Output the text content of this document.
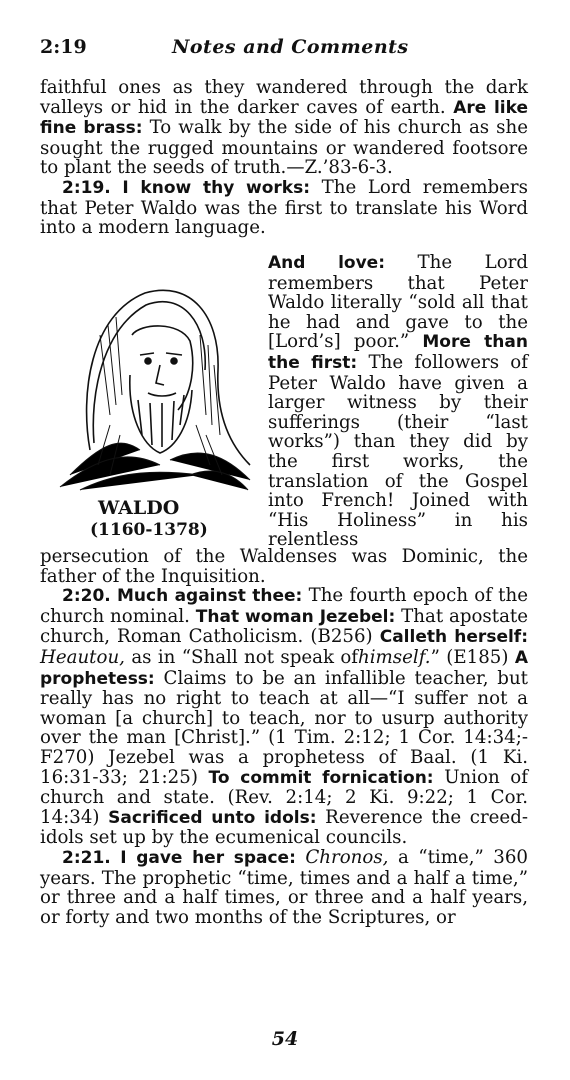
2:19	Notes and Comments

faithful ones as they wandered through the dark valleys or hid in the darker caves of earth. Are like fine brass: To walk by the side of his church as she sought the rugged mountains or wandered footsore to plant the seeds of truth.—Z.’83-6-3.

2:19. I know thy works: The Lord remembers that Peter Waldo was the first to translate his Word into a modern language.

WALDO
(1160-1378)
And love: The Lord remembers that Peter Waldo literally “sold all that he had and gave to the [Lord’s] poor.” More than the first: The followers of Peter Waldo have given a larger witness by their sufferings (their “last works”) than they did by the first works, the translation of the Gospel into French! Joined with “His Holiness” in his relentless

persecution of the Waldenses was Dominic, the father of the Inquisition.

2:20. Much against thee: The fourth epoch of the church nominal. That woman Jezebel: That apostate church, Roman Catholicism. (B256) Calleth herself: Heautou, as in “Shall not speak ofhimself.” (E185) A prophetess: Claims to be an infallible teacher, but really has no right to teach at all—“I suffer not a woman [a church] to teach, nor to usurp authority over the man [Christ].” (1 Tim. 2:12; 1 Cor. 14:34;- F270) Jezebel was a prophetess of Baal. (1 Ki. 16:31-33; 21:25) To commit fornication: Union of church and state. (Rev. 2:14; 2 Ki. 9:22; 1 Cor. 14:34) Sacrificed unto idols: Reverence the creed-idols set up by the ecumenical councils.

2:21. I gave her space: Chronos, a “time,” 360 years. The prophetic “time, times and a half a time,” or three and a half times, or three and a half years, or forty and two months of the Scriptures, or

54
